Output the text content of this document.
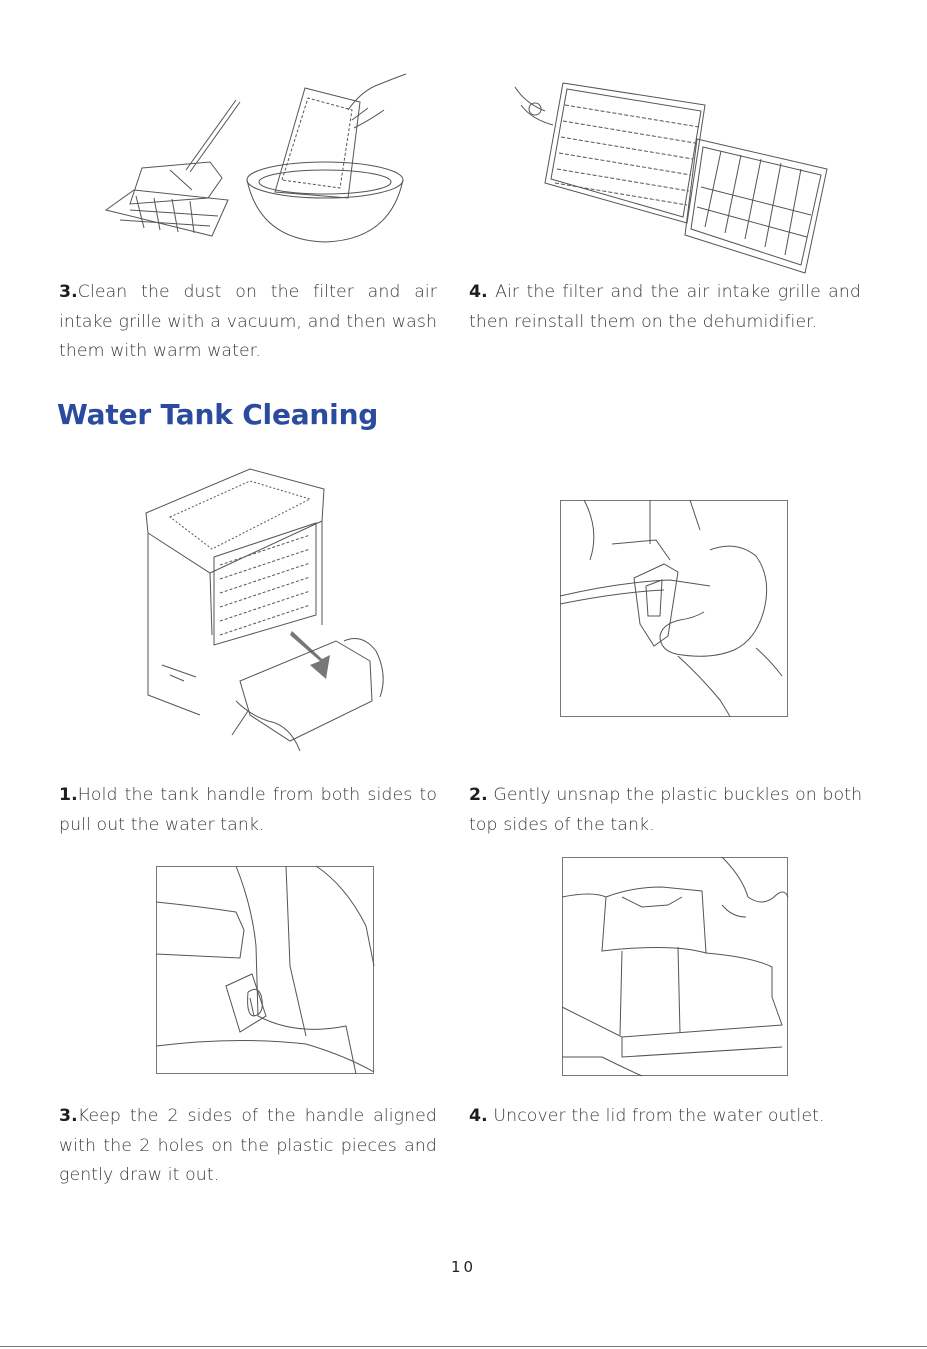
3.Clean the dust on the filter and air intake grille with a vacuum, and then wash them with warm water.

4. Air the filter and the air intake grille and then reinstall them on the dehumidifier.

Water Tank Cleaning

1.Hold the tank handle from both sides to pull out the water tank.

2. Gently unsnap the plastic buckles on both top sides of the tank.

3.Keep the 2 sides of the handle aligned with the 2 holes on the plastic pieces and gently draw it out.

4. Uncover the lid from the water outlet.

10
